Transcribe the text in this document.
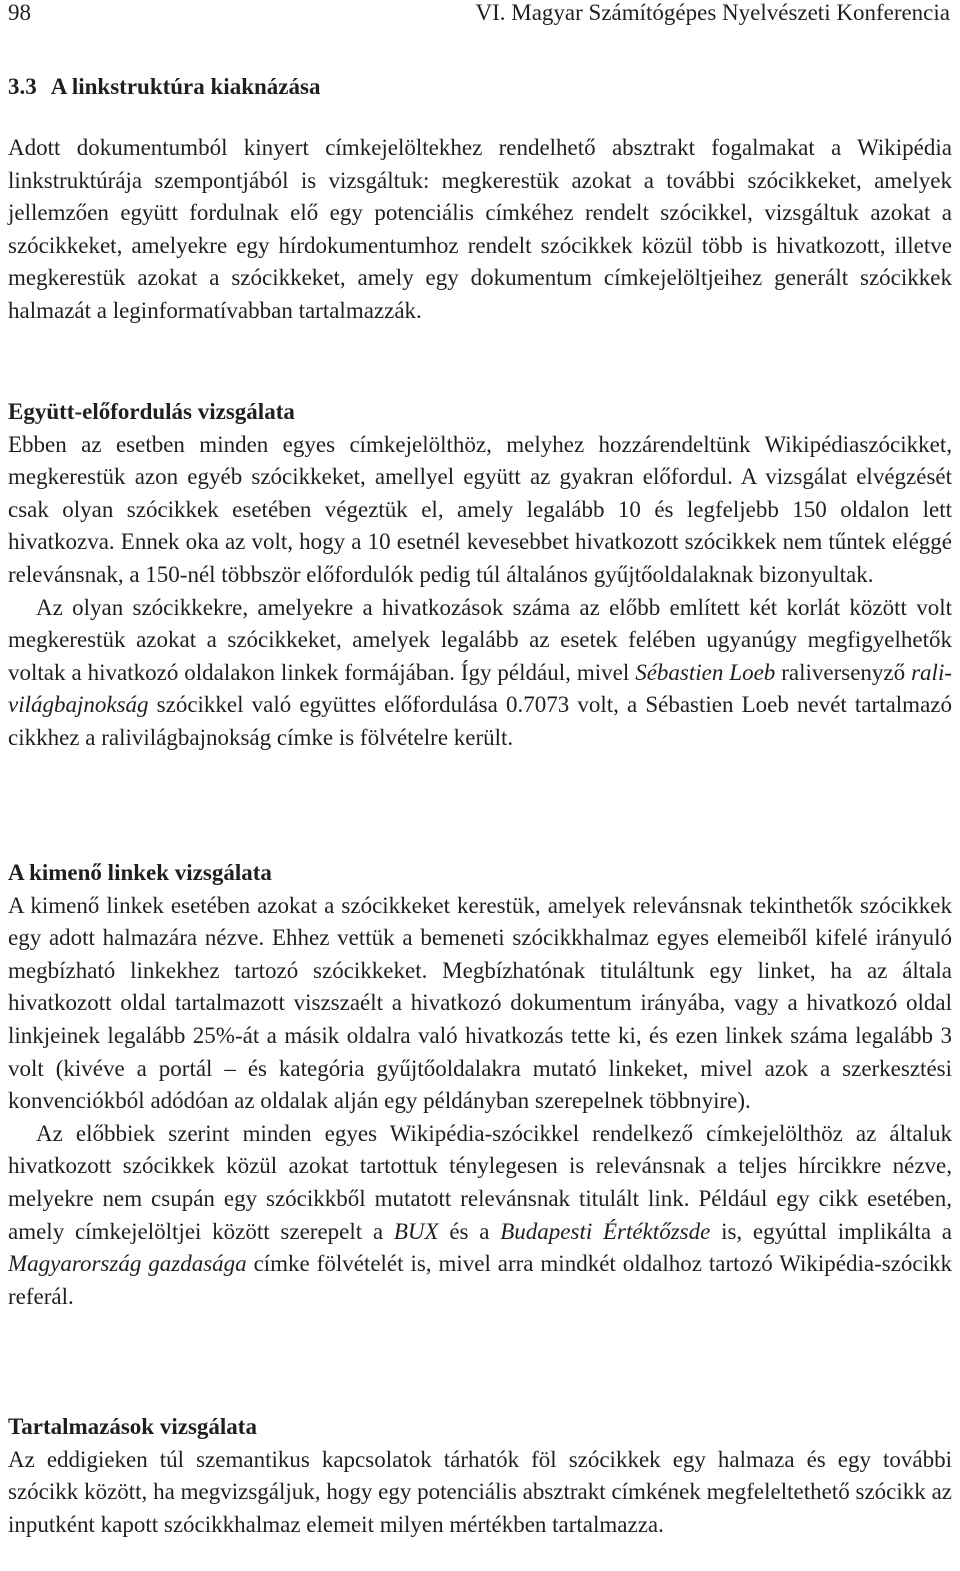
98	VI. Magyar Számítógépes Nyelvészeti Konferencia
3.3 A linkstruktúra kiaknázása

Adott dokumentumból kinyert címkejelöltekhez rendelhető absztrakt fogalmakat a Wikipédia linkstruktúrája szempontjából is vizsgáltuk: megkerestük azokat a további szócikkeket, amelyek jellemzően együtt fordulnak elő egy potenciális címkéhez rendelt szócikkel, vizsgáltuk azokat a szócikkeket, amelyekre egy hírdokumentumhoz rendelt szócikkek közül több is hivatkozott, illetve megkerestük azokat a szócikkeket, amely egy dokumentum címkejelöltjeihez generált szócikkek halmazát a leginformatívabban tartalmazzák.

Együtt-előfordulás vizsgálata

Ebben az esetben minden egyes címkejelölthöz, melyhez hozzárendeltünk Wikipédiaszócikket, megkerestük azon egyéb szócikkeket, amellyel együtt az gyakran előfordul. A vizsgálat elvégzését csak olyan szócikkek esetében végeztük el, amely legalább 10 és legfeljebb 150 oldalon lett hivatkozva. Ennek oka az volt, hogy a 10 esetnél kevesebbet hivatkozott szócikkek nem tűntek eléggé relevánsnak, a 150-nél többször előfordulók pedig túl általános gyűjtőoldalaknak bizonyultak.

Az olyan szócikkekre, amelyekre a hivatkozások száma az előbb említett két korlát között volt megkerestük azokat a szócikkeket, amelyek legalább az esetek felében ugyanúgy megfigyelhetők voltak a hivatkozó oldalakon linkek formájában. Így például, mivel Sébastien Loeb raliversenyző rali-világbajnokság szócikkel való együttes előfordulása 0.7073 volt, a Sébastien Loeb nevét tartalmazó cikkhez a ralivilágbajnokság címke is fölvételre került.

A kimenő linkek vizsgálata

A kimenő linkek esetében azokat a szócikkeket kerestük, amelyek relevánsnak tekinthetők szócikkek egy adott halmazára nézve. Ehhez vettük a bemeneti szócikkhalmaz egyes elemeiből kifelé irányuló megbízható linkekhez tartozó szócikkeket. Megbízhatónak tituláltunk egy linket, ha az általa hivatkozott oldal tartalmazott viszszaélt a hivatkozó dokumentum irányába, vagy a hivatkozó oldal linkjeinek legalább 25%-át a másik oldalra való hivatkozás tette ki, és ezen linkek száma legalább 3 volt (kivéve a portál – és kategória gyűjtőoldalakra mutató linkeket, mivel azok a szerkesztési konvenciókból adódóan az oldalak alján egy példányban szerepelnek többnyire).

Az előbbiek szerint minden egyes Wikipédia-szócikkel rendelkező címkejelölthöz az általuk hivatkozott szócikkek közül azokat tartottuk ténylegesen is relevánsnak a teljes hírcikkre nézve, melyekre nem csupán egy szócikkből mutatott relevánsnak titulált link. Például egy cikk esetében, amely címkejelöltjei között szerepelt a BUX és a Budapesti Értéktőzsde is, egyúttal implikálta a Magyarország gazdasága címke fölvételét is, mivel arra mindkét oldalhoz tartozó Wikipédia-szócikk referál.

Tartalmazások vizsgálata

Az eddigieken túl szemantikus kapcsolatok tárhatók föl szócikkek egy halmaza és egy további szócikk között, ha megvizsgáljuk, hogy egy potenciális absztrakt címkének megfeleltethető szócikk az inputként kapott szócikkhalmaz elemeit milyen mértékben tartalmazza.
